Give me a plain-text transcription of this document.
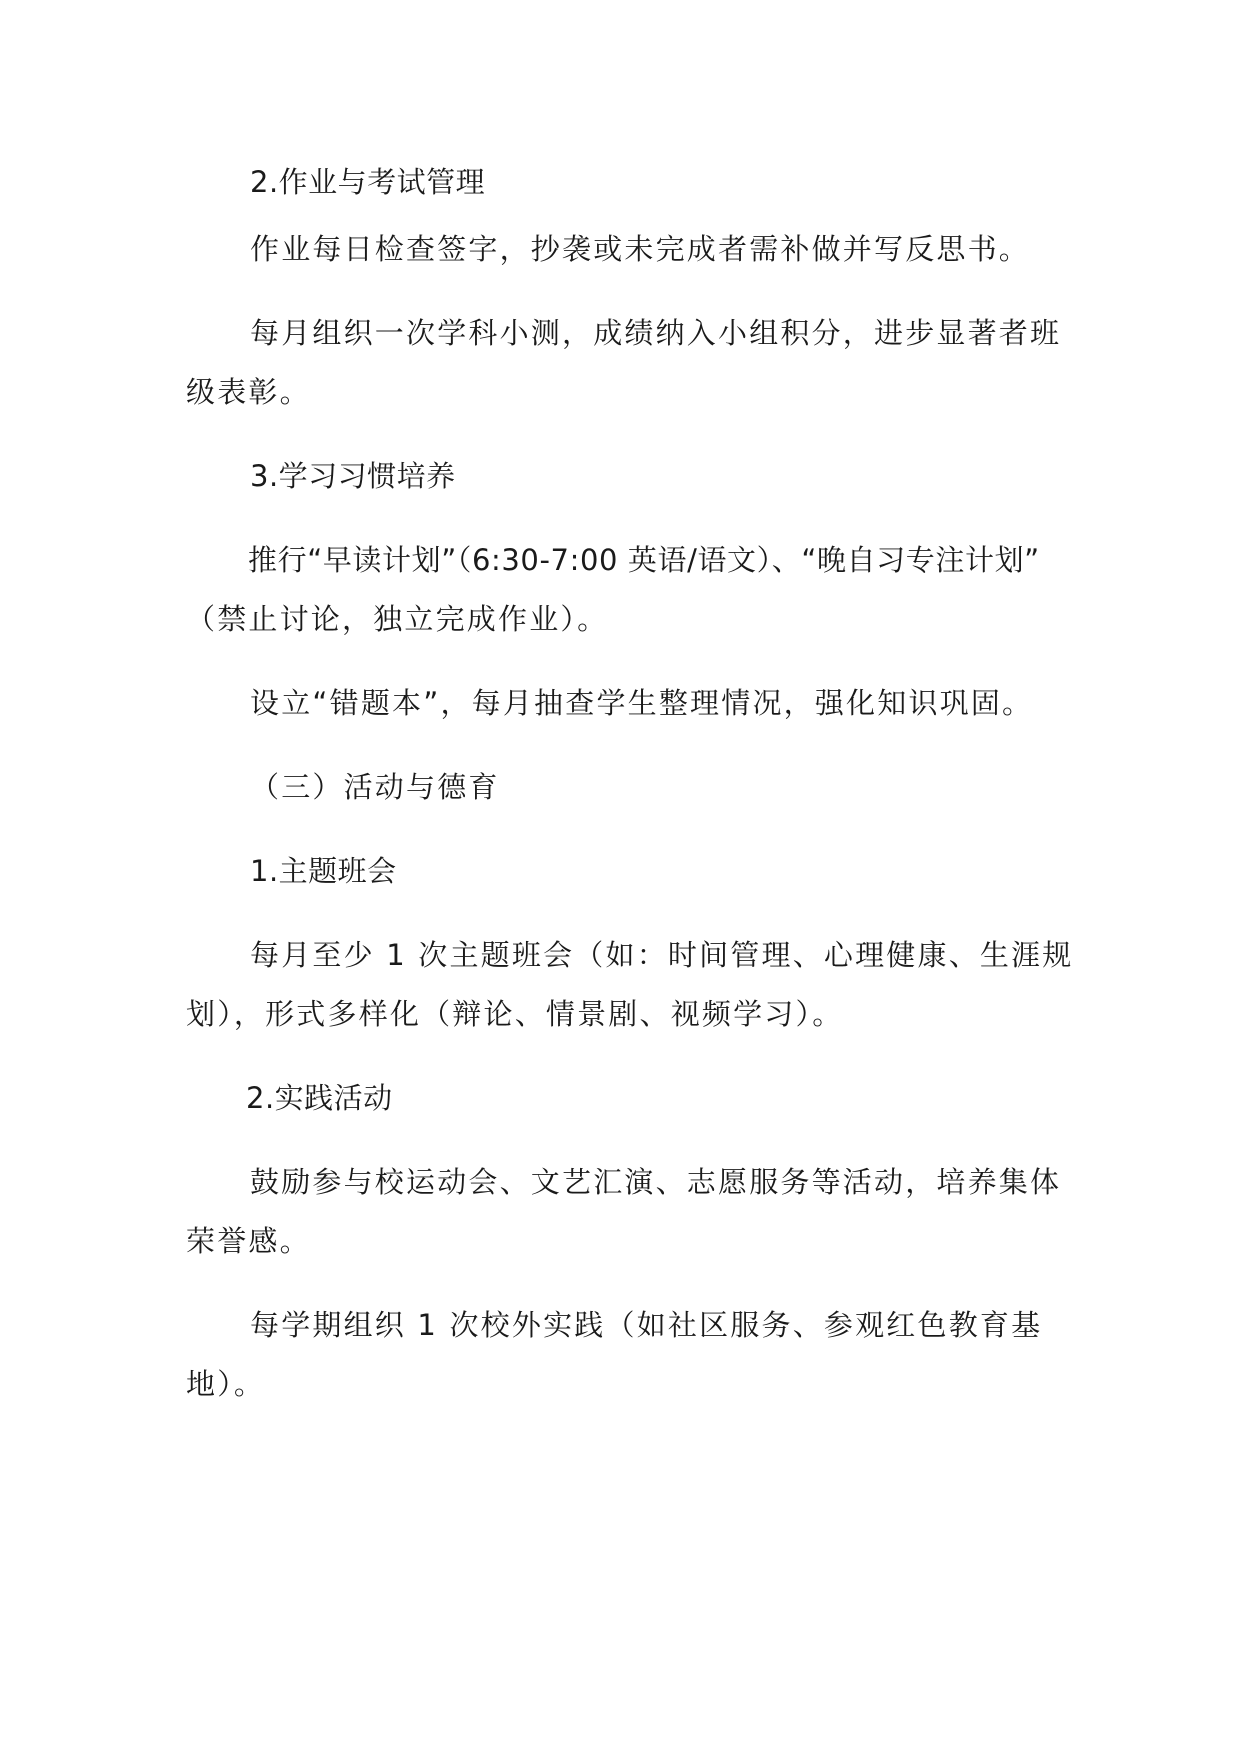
2.作业与考试管理

作业每日检查签字，抄袭或未完成者需补做并写反思书。

每月组织一次学科小测，成绩纳入小组积分，进步显著者班

级表彰。

3.学习习惯培养

推行“早读计划”（6:30-7:00 英语/语文）、“晚自习专注计划”

（禁止讨论，独立完成作业）。

设立“错题本”，每月抽查学生整理情况，强化知识巩固。

（三）活动与德育

1.主题班会

每月至少 1 次主题班会（如：时间管理、心理健康、生涯规

划），形式多样化（辩论、情景剧、视频学习）。

2.实践活动

鼓励参与校运动会、文艺汇演、志愿服务等活动，培养集体

荣誉感。

每学期组织 1 次校外实践（如社区服务、参观红色教育基

地）。
